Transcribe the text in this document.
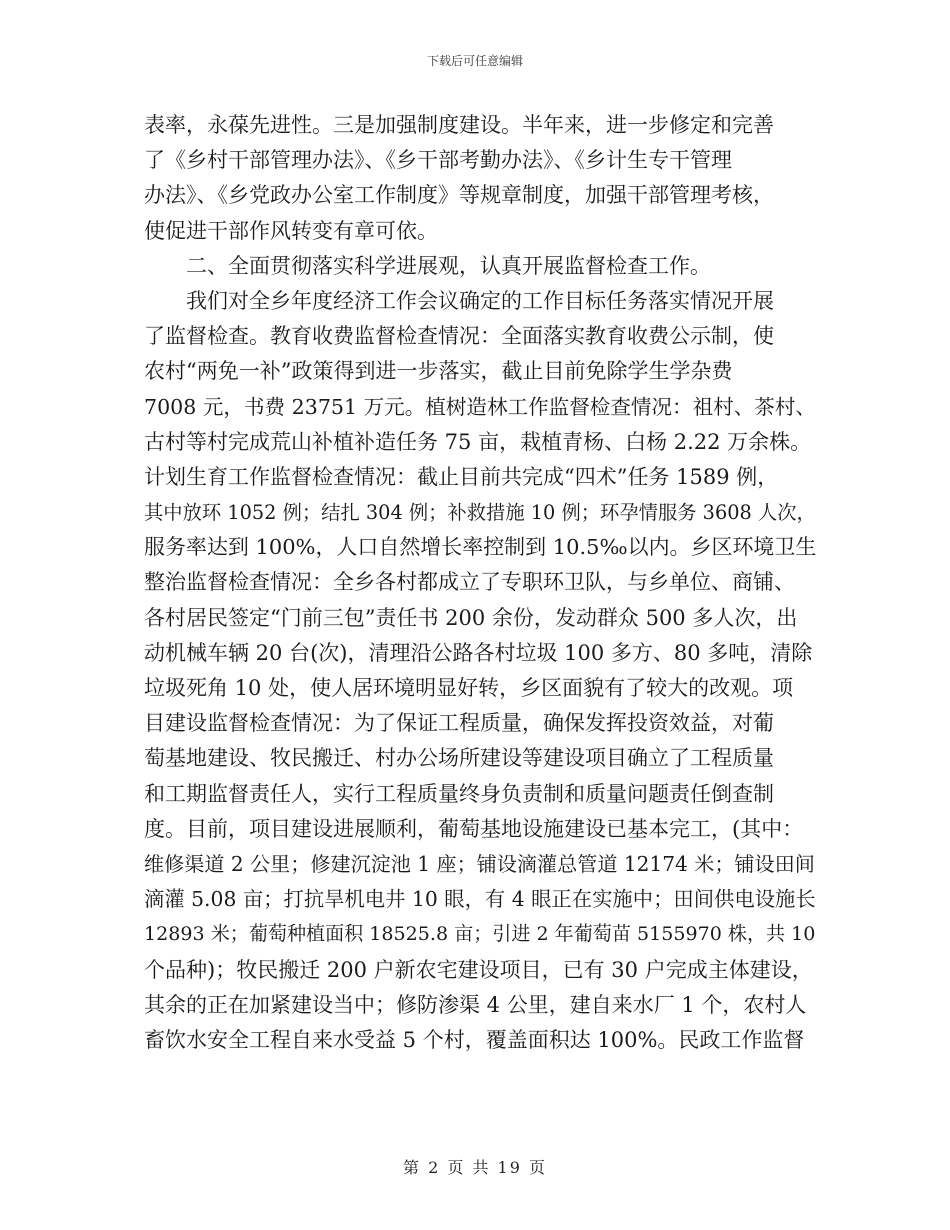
下载后可任意编辑
表率，永葆先进性。三是加强制度建设。半年来，进一步修定和完善
了《乡村干部管理办法》、《乡干部考勤办法》、《乡计生专干管理
办法》、《乡党政办公室工作制度》等规章制度，加强干部管理考核，
使促进干部作风转变有章可依。
二、全面贯彻落实科学进展观，认真开展监督检查工作。
我们对全乡年度经济工作会议确定的工作目标任务落实情况开展
了监督检查。教育收费监督检查情况：全面落实教育收费公示制，使
农村“两免一补”政策得到进一步落实，截止目前免除学生学杂费
7008 元，书费 23751 万元。植树造林工作监督检查情况：祖村、茶村、
古村等村完成荒山补植补造任务 75 亩，栽植青杨、白杨 2.22 万余株。
计划生育工作监督检查情况：截止目前共完成“四术”任务 1589 例，
其中放环 1052 例；结扎 304 例；补救措施 10 例；环孕情服务 3608 人次，
服务率达到 100%，人口自然增长率控制到 10.5‰以内。乡区环境卫生
整治监督检查情况：全乡各村都成立了专职环卫队，与乡单位、商铺、
各村居民签定“门前三包”责任书 200 余份，发动群众 500 多人次，出
动机械车辆 20 台(次)，清理沿公路各村垃圾 100 多方、80 多吨，清除
垃圾死角 10 处，使人居环境明显好转，乡区面貌有了较大的改观。项
目建设监督检查情况：为了保证工程质量，确保发挥投资效益，对葡
萄基地建设、牧民搬迁、村办公场所建设等建设项目确立了工程质量
和工期监督责任人，实行工程质量终身负责制和质量问题责任倒查制
度。目前，项目建设进展顺利，葡萄基地设施建设已基本完工，(其中：
维修渠道 2 公里；修建沉淀池 1 座；铺设滴灌总管道 12174 米；铺设田间
滴灌 5.08 亩；打抗旱机电井 10 眼，有 4 眼正在实施中；田间供电设施长
12893 米；葡萄种植面积 18525.8 亩；引进 2 年葡萄苗 5155970 株，共 10
个品种)；牧民搬迁 200 户新农宅建设项目，已有 30 户完成主体建设，
其余的正在加紧建设当中；修防渗渠 4 公里，建自来水厂 1 个，农村人
畜饮水安全工程自来水受益 5 个村，覆盖面积达 100%。民政工作监督
第 2 页 共 19 页
